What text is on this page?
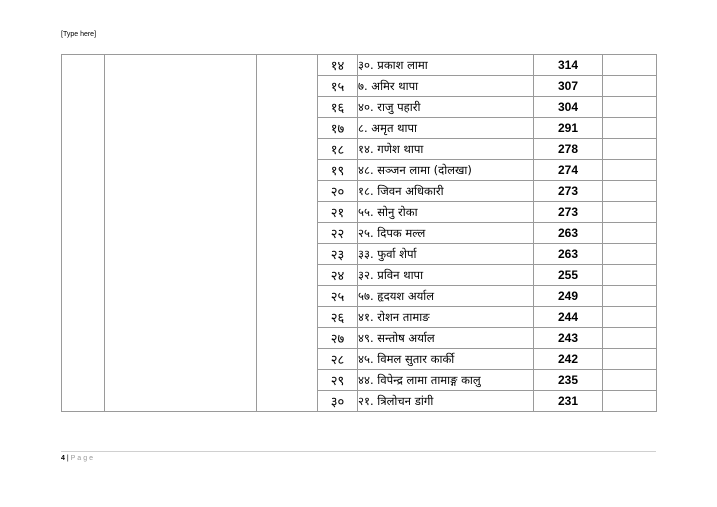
[Type here]
			१४	३०. प्रकाश लामा	314	
			१५	७. अमिर थापा	307	
			१६	४०. राजु पहारी	304	
			१७	८. अमृत थापा	291	
			१८	१४. गणेश थापा	278	
			१९	४८. सञ्जन लामा (दोलखा)	274	
			२०	१८. जिवन अधिकारी	273	
			२१	५५. सोनु रोका	273	
			२२	२५. दिपक मल्ल	263	
			२३	३३. फुर्वा शेर्पा	263	
			२४	३२. प्रविन थापा	255	
			२५	५७. हृदयश अर्याल	249	
			२६	४१. रोशन तामाङ	244	
			२७	४९. सन्तोष अर्याल	243	
			२८	४५. विमल सुतार कार्की	242	
			२९	४४. विपेन्द्र लामा तामाङ्ग कालु	235	
			३०	२१. त्रिलोचन डांगी	231	
4 | Page
